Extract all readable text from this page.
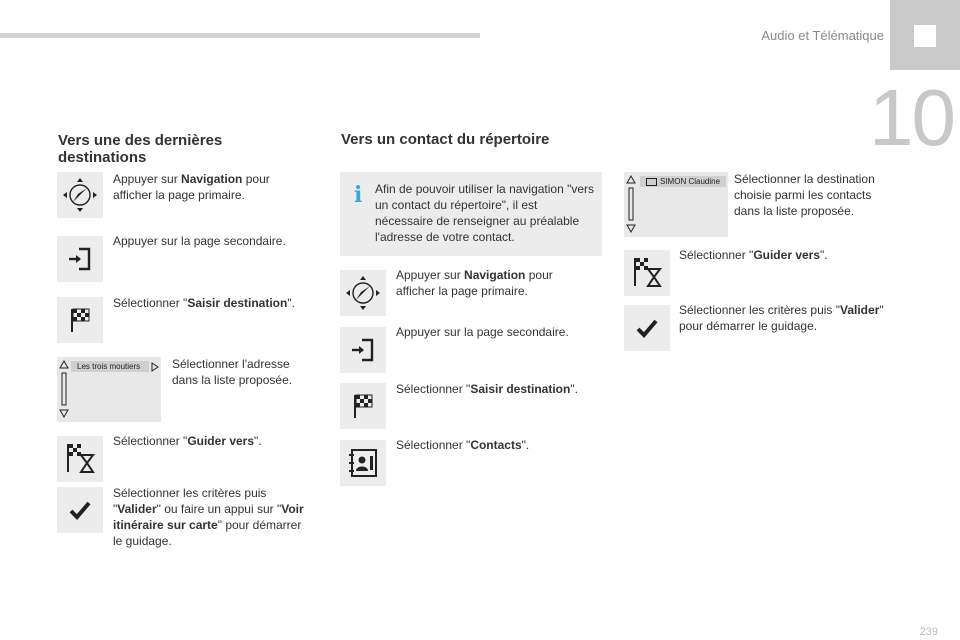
Audio et Télématique
10
Vers une des dernières destinations
Appuyer sur Navigation pour afficher la page primaire.
Appuyer sur la page secondaire.
Sélectionner "Saisir destination".
Les trois moutiers	Sélectionner l'adresse dans la liste proposée.
Sélectionner "Guider vers".
Sélectionner les critères puis "Valider" ou faire un appui sur "Voir itinéraire sur carte" pour démarrer le guidage.
Vers un contact du répertoire
i Afin de pouvoir utiliser la navigation "vers un contact du répertoire", il est nécessaire de renseigner au préalable l'adresse de votre contact.
Appuyer sur Navigation pour afficher la page primaire.
Appuyer sur la page secondaire.
Sélectionner "Saisir destination".
Sélectionner "Contacts".
SIMON Claudine	Sélectionner la destination choisie parmi les contacts dans la liste proposée.
Sélectionner "Guider vers".
Sélectionner les critères puis "Valider" pour démarrer le guidage.
239
